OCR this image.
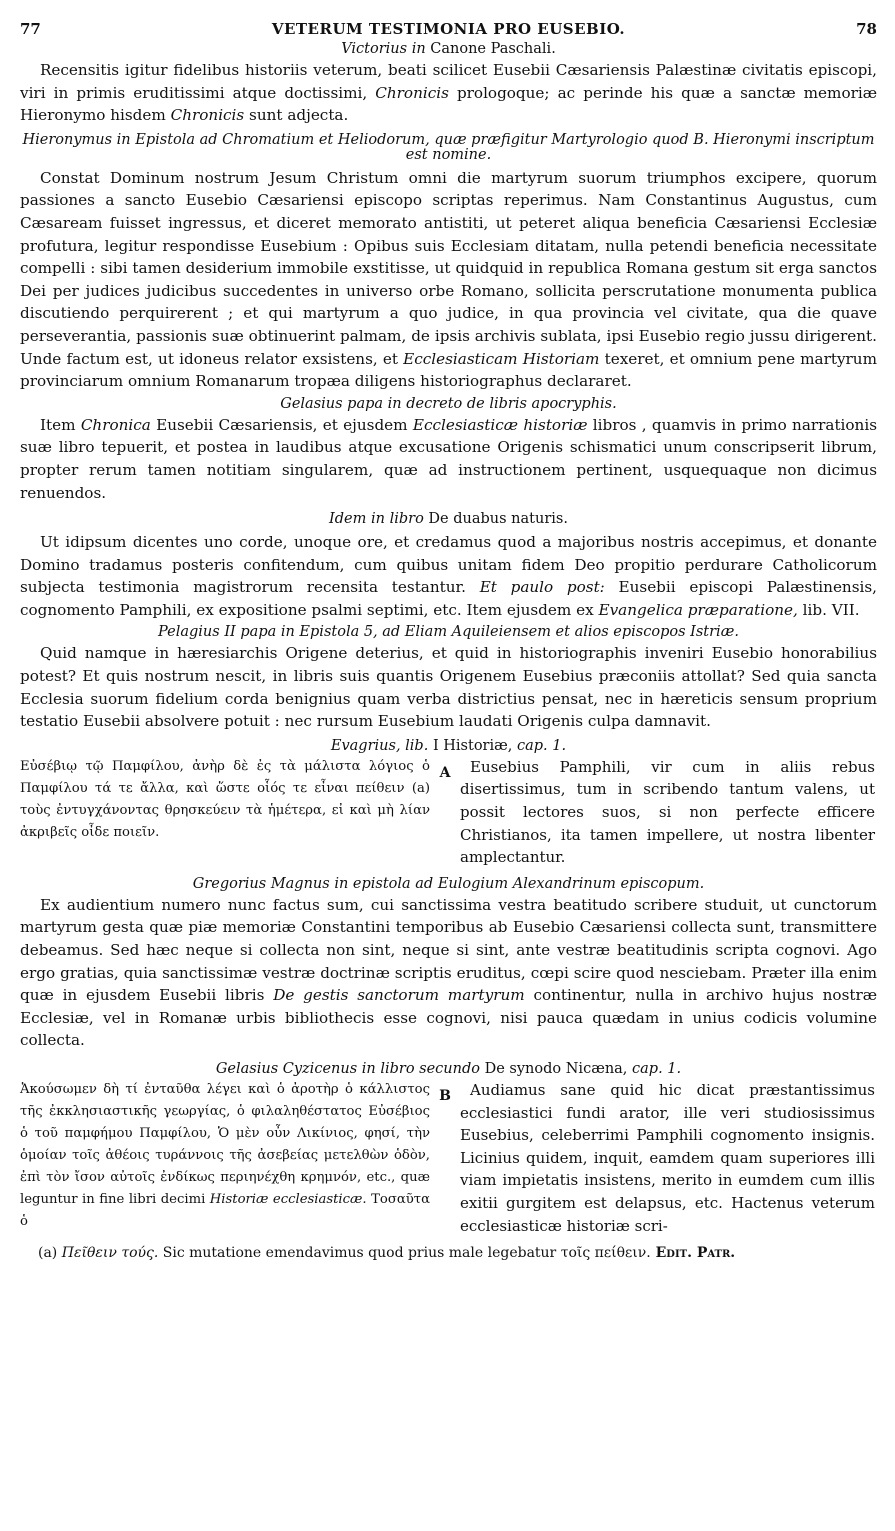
77	VETERUM TESTIMONIA PRO EUSEBIO.	78
Victorius in Canone Paschali.

Recensitis igitur fidelibus historiis veterum, beati scilicet Eusebii Cæsariensis Palæstinæ civitatis episcopi, viri in primis eruditissimi atque doctissimi, Chronicis prologoque; ac perinde his quæ a sanctæ memoriæ Hieronymo hisdem Chronicis sunt adjecta.

Hieronymus in Epistola ad Chromatium et Heliodorum, quæ præfigitur Martyrologio quod B. Hieronymi inscriptum est nomine.

Constat Dominum nostrum Jesum Christum omni die martyrum suorum triumphos excipere, quorum passiones a sancto Eusebio Cæsariensi episcopo scriptas reperimus. Nam Constantinus Augustus, cum Cæsaream fuisset ingressus, et diceret memorato antistiti, ut peteret aliqua beneficia Cæsariensi Ecclesiæ profutura, legitur respondisse Eusebium : Opibus suis Ecclesiam ditatam, nulla petendi beneficia necessitate compelli : sibi tamen desiderium immobile exstitisse, ut quidquid in republica Romana gestum sit erga sanctos Dei per judices judicibus succedentes in universo orbe Romano, sollicita perscrutatione monumenta publica discutiendo perquirerent ; et qui martyrum a quo judice, in qua provincia vel civitate, qua die quave perseverantia, passionis suæ obtinuerint palmam, de ipsis archivis sublata, ipsi Eusebio regio jussu dirigerent. Unde factum est, ut idoneus relator exsistens, et Ecclesiasticam Historiam texeret, et omnium pene martyrum provinciarum omnium Romanarum tropæa diligens historiographus declararet.

Gelasius papa in decreto de libris apocryphis.

Item Chronica Eusebii Cæsariensis, et ejusdem Ecclesiasticæ historiæ libros , quamvis in primo narrationis suæ libro tepuerit, et postea in laudibus atque excusatione Origenis schismatici unum conscripserit librum, propter rerum tamen notitiam singularem, quæ ad instructionem pertinent, usquequaque non dicimus renuendos.

Idem in libro De duabus naturis.

Ut idipsum dicentes uno corde, unoque ore, et credamus quod a majoribus nostris accepimus, et donante Domino tradamus posteris confitendum, cum quibus unitam fidem Deo propitio perdurare Catholicorum subjecta testimonia magistrorum recensita testantur. Et paulo post: Eusebii episcopi Palæstinensis, cognomento Pamphili, ex expositione psalmi septimi, etc. Item ejusdem ex Evangelica præparatione, lib. VII.

Pelagius II papa in Epistola 5, ad Eliam Aquileiensem et alios episcopos Istriæ.

Quid namque in hæresiarchis Origene deterius, et quid in historiographis inveniri Eusebio honorabilius potest? Et quis nostrum nescit, in libris suis quantis Origenem Eusebius præconiis attollat? Sed quia sancta Ecclesia suorum fidelium corda benignius quam verba districtius pensat, nec in hæreticis sensum proprium testatio Eusebii absolvere potuit : nec rursum Eusebium laudati Origenis culpa damnavit.

Evagrius, lib. I Historiæ, cap. 1.
Εὐσέβιῳ τῷ Παμφίλου, ἀνὴρ δὲ ἐς τὰ μάλιστα λόγιος ὁ Παμφίλου τά τε ἄλλα, καὶ ὥστε οἷός τε εἶναι πείθειν (a) τοὺς ἐντυγχάνοντας θρησκεύειν τὰ ἡμέτερα, εἰ καὶ μὴ λίαν ἀκριβεῖς οἶδε ποιεῖν.
A	Eusebius Pamphili, vir cum in aliis rebus disertissimus, tum in scribendo tantum valens, ut possit lectores suos, si non perfecte efficere Christianos, ita tamen impellere, ut nostra libenter amplectantur.
Gregorius Magnus in epistola ad Eulogium Alexandrinum episcopum.

Ex audientium numero nunc factus sum, cui sanctissima vestra beatitudo scribere studuit, ut cunctorum martyrum gesta quæ piæ memoriæ Constantini temporibus ab Eusebio Cæsariensi collecta sunt, transmittere debeamus. Sed hæc neque si collecta non sint, neque si sint, ante vestræ beatitudinis scripta cognovi. Ago ergo gratias, quia sanctissimæ vestræ doctrinæ scriptis eruditus, cœpi scire quod nesciebam. Præter illa enim quæ in ejusdem Eusebii libris De gestis sanctorum martyrum continentur, nulla in archivo hujus nostræ Ecclesiæ, vel in Romanæ urbis bibliothecis esse cognovi, nisi pauca quædam in unius codicis volumine collecta.

Gelasius Cyzicenus in libro secundo De synodo Nicæna, cap. 1.
Ἀκούσωμεν δὴ τί ἐνταῦθα λέγει καὶ ὁ ἀροτὴρ ὁ κάλλιστος τῆς ἐκκλησιαστικῆς γεωργίας, ὁ φιλαληθέστατος Εὐσέβιος ὁ τοῦ παμφήμου Παμφίλου, Ὁ μὲν οὖν Λικίνιος, φησί, τὴν ὁμοίαν τοῖς ἀθέοις τυράννοις τῆς ἀσεβείας μετελθὼν ὁδὸν, ἐπὶ τὸν ἴσον αὐτοῖς ἐνδίκως περιηνέχθη κρημνόν, etc., quæ leguntur in fine libri decimi Historiæ ecclesiasticæ. Τοσαῦτα ὁ
B	Audiamus sane quid hic dicat præstantissimus ecclesiastici fundi arator, ille veri studiosissimus Eusebius, celeberrimi Pamphili cognomento insignis. Licinius quidem, inquit, eamdem quam superiores illi viam impietatis insistens, merito in eumdem cum illis exitii gurgitem est delapsus, etc. Hactenus veterum ecclesiasticæ historiæ scri-
(a) Πεῖθειν τούς. Sic mutatione emendavimus quod prius male legebatur τοῖς πείθειν. Edit. Patr.
